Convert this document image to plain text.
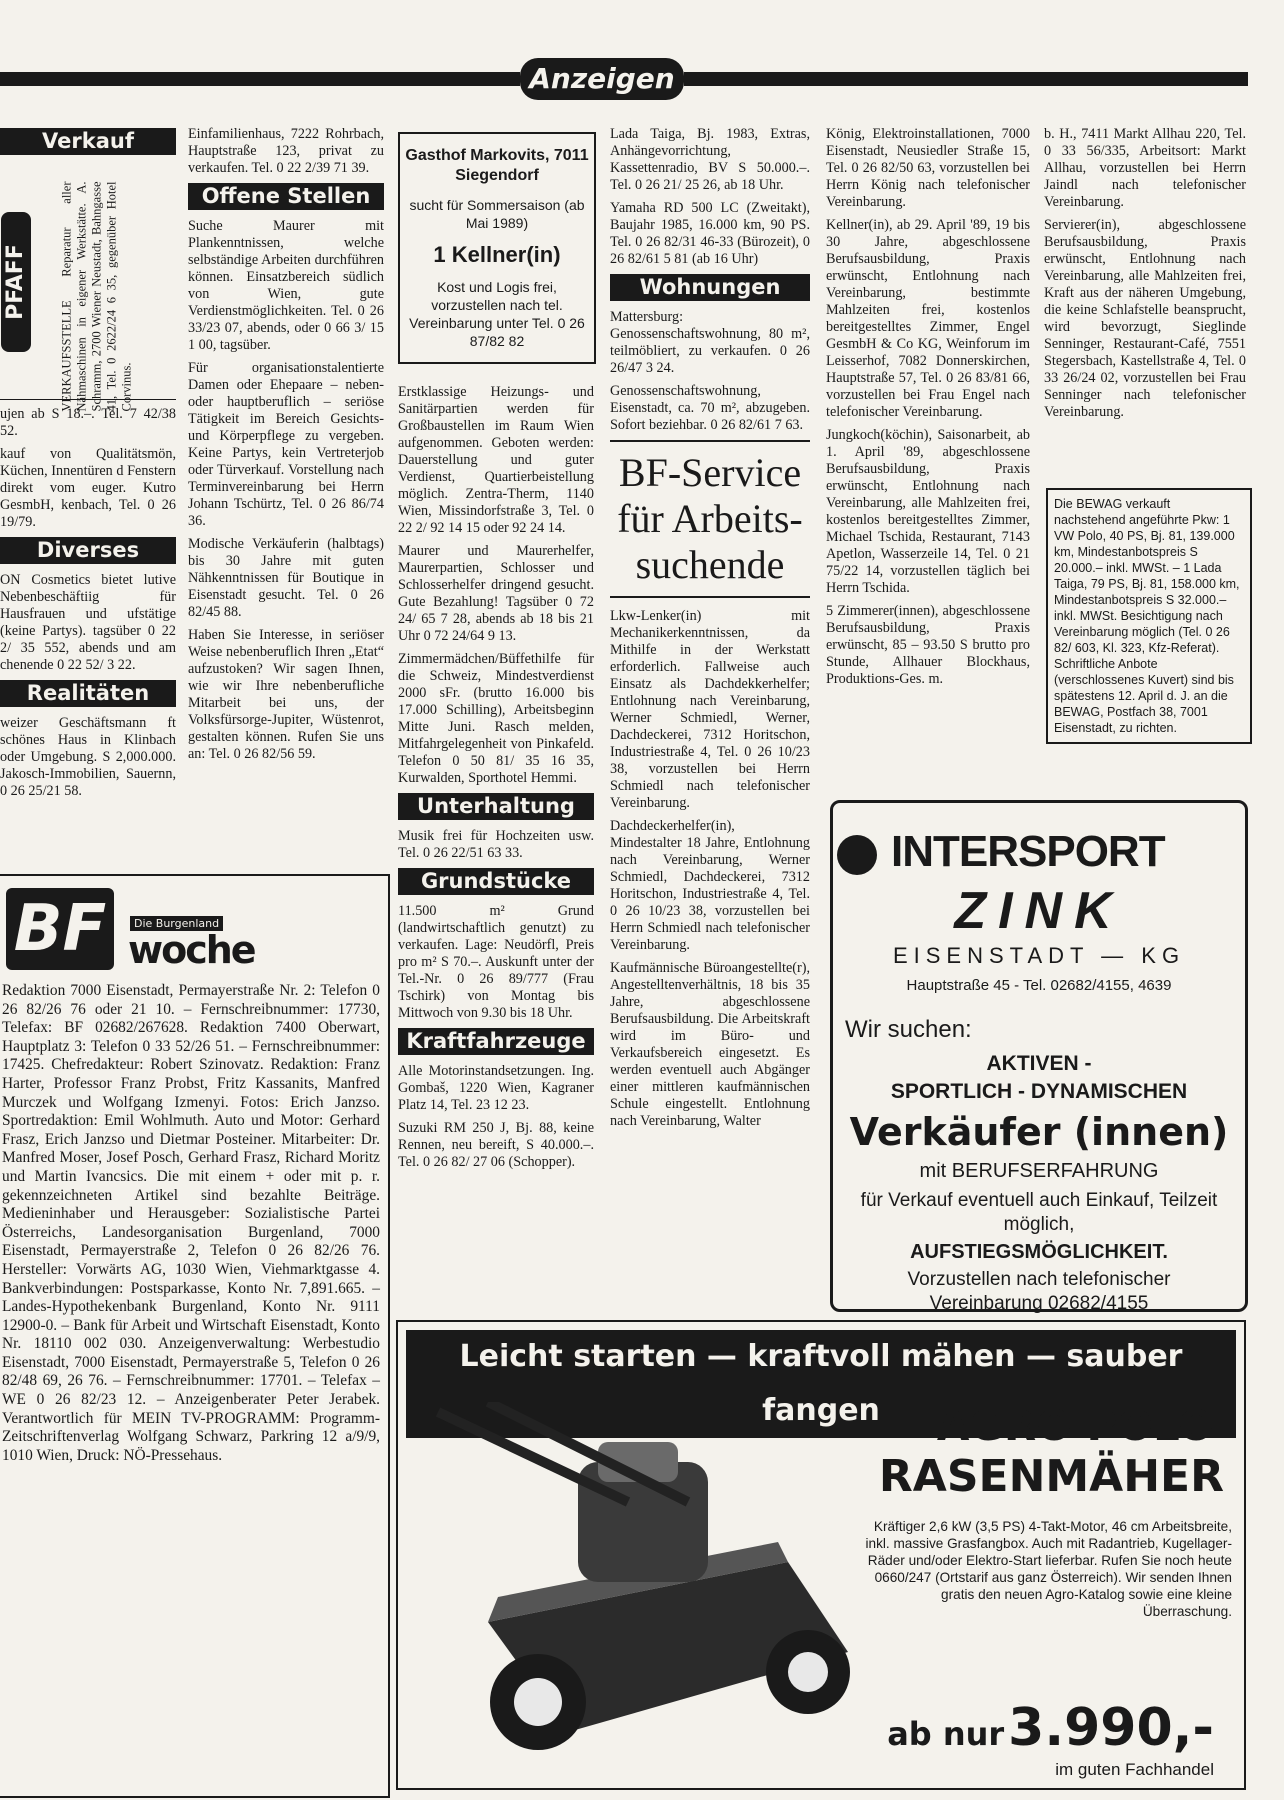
Anzeigen
Verkauf
PFAFF	VERKAUFSSTELLE Reparatur aller Nähmaschinen in eigener Werkstätte. A. Schramm, 2700 Wiener Neustadt, Bahngasse 41, Tel. 0 2622/24 6 35, gegenüber Hotel Corvinus.

ujen ab S 18.–. Tel. 7 42/38 52.

kauf von Qualitätsmön, Küchen, Innentüren d Fenstern direkt vom euger. Kutro GesmbH, kenbach, Tel. 0 26 19/79.

Diverses

ON Cosmetics bietet lutive Nebenbeschäftiig für Hausfrauen und ufstätige (keine Partys). tagsüber 0 22 2/ 35 552, abends und am chenende 0 22 52/ 3 22.

Realitäten

weizer Geschäftsmann ft schönes Haus in Klinbach oder Umgebung. S 2,000.000. Jakosch-Immobilien, Sauernn, 0 26 25/21 58.

Einfamilienhaus, 7222 Rohrbach, Hauptstraße 123, privat zu verkaufen. Tel. 0 22 2/39 71 39.

Offene Stellen

Suche Maurer mit Plankenntnissen, welche selbständige Arbeiten durchführen können. Einsatzbereich südlich von Wien, gute Verdienstmöglichkeiten. Tel. 0 26 33/23 07, abends, oder 0 66 3/ 15 1 00, tagsüber.

Für organisationstalentierte Damen oder Ehepaare – neben- oder hauptberuflich – seriöse Tätigkeit im Bereich Gesichts- und Körperpflege zu vergeben. Keine Partys, kein Vertreterjob oder Türverkauf. Vorstellung nach Terminvereinbarung bei Herrn Johann Tschürtz, Tel. 0 26 86/74 36.

Modische Verkäuferin (halbtags) bis 30 Jahre mit guten Nähkenntnissen für Boutique in Eisenstadt gesucht. Tel. 0 26 82/45 88.

Haben Sie Interesse, in seriöser Weise nebenberuflich Ihren „Etat“ aufzustoken? Wir sagen Ihnen, wie wir Ihre nebenberufliche Mitarbeit bei uns, der Volksfürsorge-Jupiter, Wüstenrot, gestalten können. Rufen Sie uns an: Tel. 0 26 82/56 59.

Gasthof Markovits, 7011 Siegendorf
sucht für Sommersaison (ab Mai 1989)
1 Kellner(in)
Kost und Logis frei, vorzustellen nach tel. Vereinbarung unter Tel. 0 26 87/82 82

Erstklassige Heizungs- und Sanitärpartien werden für Großbaustellen im Raum Wien aufgenommen. Geboten werden: Dauerstellung und guter Verdienst, Quartierbeistellung möglich. Zentra-Therm, 1140 Wien, Missindorfstraße 3, Tel. 0 22 2/ 92 14 15 oder 92 24 14.

Maurer und Maurerhelfer, Maurerpartien, Schlosser und Schlosserhelfer dringend gesucht. Gute Bezahlung! Tagsüber 0 72 24/ 65 7 28, abends ab 18 bis 21 Uhr 0 72 24/64 9 13.

Zimmermädchen/Büffethilfe für die Schweiz, Mindestverdienst 2000 sFr. (brutto 16.000 bis 17.000 Schilling), Arbeitsbeginn Mitte Juni. Rasch melden, Mitfahrgelegenheit von Pinkafeld. Telefon 0 50 81/ 35 16 35, Kurwalden, Sporthotel Hemmi.

Unterhaltung

Musik frei für Hochzeiten usw. Tel. 0 26 22/51 63 33.

Grundstücke

11.500 m² Grund (landwirtschaftlich genutzt) zu verkaufen. Lage: Neudörfl, Preis pro m² S 70.–. Auskunft unter der Tel.-Nr. 0 26 89/777 (Frau Tschirk) von Montag bis Mittwoch von 9.30 bis 18 Uhr.

Kraftfahrzeuge

Alle Motorinstandsetzungen. Ing. Gombaš, 1220 Wien, Kagraner Platz 14, Tel. 23 12 23.

Suzuki RM 250 J, Bj. 88, keine Rennen, neu bereift, S 40.000.–. Tel. 0 26 82/ 27 06 (Schopper).

Lada Taiga, Bj. 1983, Extras, Anhängevorrichtung, Kassettenradio, BV S 50.000.–. Tel. 0 26 21/ 25 26, ab 18 Uhr.

Yamaha RD 500 LC (Zweitakt), Baujahr 1985, 16.000 km, 90 PS. Tel. 0 26 82/31 46-33 (Bürozeit), 0 26 82/61 5 81 (ab 16 Uhr)

Wohnungen

Mattersburg: Genossenschaftswohnung, 80 m², teilmöbliert, zu verkaufen. 0 26 26/47 3 24.

Genossenschaftswohnung, Eisenstadt, ca. 70 m², abzugeben. Sofort beziehbar. 0 26 82/61 7 63.

BF-Service für Arbeits-suchende

Lkw-Lenker(in) mit Mechanikerkenntnissen, da Mithilfe in der Werkstatt erforderlich. Fallweise auch Einsatz als Dachdekkerhelfer; Entlohnung nach Vereinbarung, Werner Schmiedl, Werner, Dachdeckerei, 7312 Horitschon, Industriestraße 4, Tel. 0 26 10/23 38, vorzustellen bei Herrn Schmiedl nach telefonischer Vereinbarung.

Dachdeckerhelfer(in), Mindestalter 18 Jahre, Entlohnung nach Vereinbarung, Werner Schmiedl, Dachdeckerei, 7312 Horitschon, Industriestraße 4, Tel. 0 26 10/23 38, vorzustellen bei Herrn Schmiedl nach telefonischer Vereinbarung.

Kaufmännische Büroangestellte(r), Angestelltenverhältnis, 18 bis 35 Jahre, abgeschlossene Berufsausbildung. Die Arbeitskraft wird im Büro- und Verkaufsbereich eingesetzt. Es werden eventuell auch Abgänger einer mittleren kaufmännischen Schule eingestellt. Entlohnung nach Vereinbarung, Walter

König, Elektroinstallationen, 7000 Eisenstadt, Neusiedler Straße 15, Tel. 0 26 82/50 63, vorzustellen bei Herrn König nach telefonischer Vereinbarung.

Kellner(in), ab 29. April '89, 19 bis 30 Jahre, abgeschlossene Berufsausbildung, Praxis erwünscht, Entlohnung nach Vereinbarung, bestimmte Mahlzeiten frei, kostenlos bereitgestelltes Zimmer, Engel GesmbH & Co KG, Weinforum im Leisserhof, 7082 Donnerskirchen, Hauptstraße 57, Tel. 0 26 83/81 66, vorzustellen bei Frau Engel nach telefonischer Vereinbarung.

Jungkoch(köchin), Saisonarbeit, ab 1. April '89, abgeschlossene Berufsausbildung, Praxis erwünscht, Entlohnung nach Vereinbarung, alle Mahlzeiten frei, kostenlos bereitgestelltes Zimmer, Michael Tschida, Restaurant, 7143 Apetlon, Wasserzeile 14, Tel. 0 21 75/22 14, vorzustellen täglich bei Herrn Tschida.

5 Zimmerer(innen), abgeschlossene Berufsausbildung, Praxis erwünscht, 85 – 93.50 S brutto pro Stunde, Allhauer Blockhaus, Produktions-Ges. m.

b. H., 7411 Markt Allhau 220, Tel. 0 33 56/335, Arbeitsort: Markt Allhau, vorzustellen bei Herrn Jaindl nach telefonischer Vereinbarung.

Servierer(in), abgeschlossene Berufsausbildung, Praxis erwünscht, Entlohnung nach Vereinbarung, alle Mahlzeiten frei, Kraft aus der näheren Umgebung, die keine Schlafstelle beansprucht, wird bevorzugt, Sieglinde Senninger, Restaurant-Café, 7551 Stegersbach, Kastellstraße 4, Tel. 0 33 26/24 02, vorzustellen bei Frau Senninger nach telefonischer Vereinbarung.

Die BEWAG verkauft nachstehend angeführte Pkw: 1 VW Polo, 40 PS, Bj. 81, 139.000 km, Mindestanbotspreis S 20.000.– inkl. MWSt. – 1 Lada Taiga, 79 PS, Bj. 81, 158.000 km, Mindestanbotspreis S 32.000.– inkl. MWSt. Besichtigung nach Vereinbarung möglich (Tel. 0 26 82/ 603, Kl. 323, Kfz-Referat). Schriftliche Anbote (verschlossenes Kuvert) sind bis spätestens 12. April d. J. an die BEWAG, Postfach 38, 7001 Eisenstadt, zu richten.
INTERSPORT
ZINK
EISENSTADT — KG
Hauptstraße 45 - Tel. 02682/4155, 4639
Wir suchen:
AKTIVEN -
SPORTLICH - DYNAMISCHEN
Verkäufer (innen)
mit BERUFSERFAHRUNG
für Verkauf eventuell auch Einkauf, Teilzeit möglich,
AUFSTIEGSMÖGLICHKEIT.
Vorzustellen nach telefonischer Vereinbarung 02682/4155
BF	Die Burgenland
woche
Redaktion 7000 Eisenstadt, Permayerstraße Nr. 2: Telefon 0 26 82/26 76 oder 21 10. – Fernschreibnummer: 17730, Telefax: BF 02682/267628. Redaktion 7400 Oberwart, Hauptplatz 3: Telefon 0 33 52/26 51. – Fernschreibnummer: 17425. Chefredakteur: Robert Szinovatz. Redaktion: Franz Harter, Professor Franz Probst, Fritz Kassanits, Manfred Murczek und Wolfgang Izmenyi. Fotos: Erich Janzso. Sportredaktion: Emil Wohlmuth. Auto und Motor: Gerhard Frasz, Erich Janzso und Dietmar Posteiner. Mitarbeiter: Dr. Manfred Moser, Josef Posch, Gerhard Frasz, Richard Moritz und Martin Ivancsics. Die mit einem + oder mit p. r. gekennzeichneten Artikel sind bezahlte Beiträge. Medieninhaber und Herausgeber: Sozialistische Partei Österreichs, Landesorganisation Burgenland, 7000 Eisenstadt, Permayerstraße 2, Telefon 0 26 82/26 76. Hersteller: Vorwärts AG, 1030 Wien, Viehmarktgasse 4. Bankverbindungen: Postsparkasse, Konto Nr. 7,891.665. – Landes-Hypothekenbank Burgenland, Konto Nr. 9111 12900-0. – Bank für Arbeit und Wirtschaft Eisenstadt, Konto Nr. 18110 002 030. Anzeigenverwaltung: Werbestudio Eisenstadt, 7000 Eisenstadt, Permayerstraße 5, Telefon 0 26 82/48 69, 26 76. – Fernschreibnummer: 17701. – Telefax – WE 0 26 82/23 12. – Anzeigenberater Peter Jerabek. Verantwortlich für MEIN TV-PROGRAMM: Programm-Zeitschriftenverlag Wolfgang Schwarz, Parkring 12 a/9/9, 1010 Wien, Druck: NÖ-Pressehaus.
Leicht starten — kraftvoll mähen — sauber fangen	AGRO POLO
RASENMÄHER
Kräftiger 2,6 kW (3,5 PS) 4-Takt-Motor, 46 cm Arbeitsbreite, inkl. massive Grasfangbox. Auch mit Radantrieb, Kugellager-Räder und/oder Elektro-Start lieferbar. Rufen Sie noch heute 0660/247 (Ortstarif aus ganz Österreich). Wir senden Ihnen gratis den neuen Agro-Katalog sowie eine kleine Überraschung.
ab nur 3.990,-
im guten Fachhandel
